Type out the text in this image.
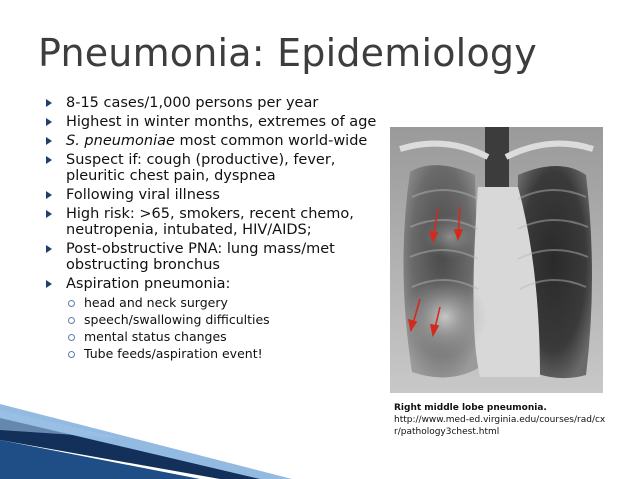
Pneumonia: Epidemiology
8-15 cases/1,000 persons per year
Highest in winter months, extremes of age
S. pneumoniae most common world-wide
Suspect if: cough (productive), fever, pleuritic chest pain, dyspnea
Following viral illness
High risk: >65, smokers, recent chemo, neutropenia, intubated, HIV/AIDS;
Post-obstructive PNA: lung mass/met obstructing bronchus
Aspiration pneumonia:
head and neck surgery
speech/swallowing difficulties
mental status changes
Tube feeds/aspiration event!
Right middle lobe pneumonia.
http://www.med-ed.virginia.edu/courses/rad/cxr/pathology3chest.html
